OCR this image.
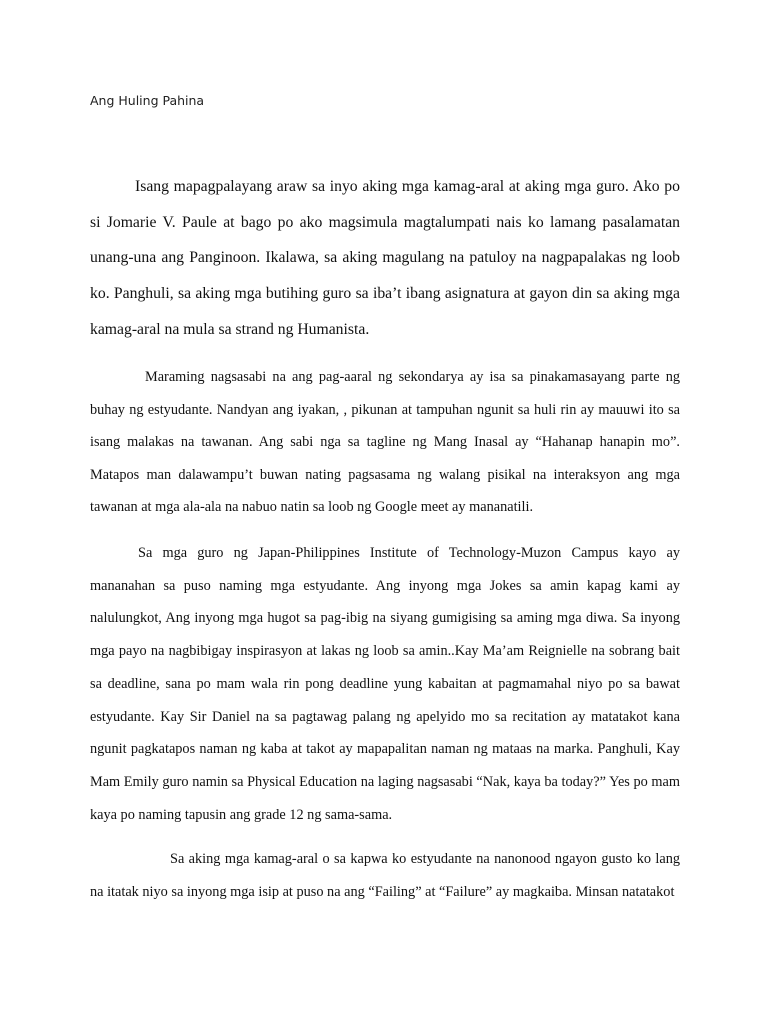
Ang Huling Pahina

Isang mapagpalayang araw sa inyo aking mga kamag-aral at aking mga guro. Ako po si Jomarie V. Paule at bago po ako magsimula magtalumpati nais ko lamang pasalamatan unang-una ang Panginoon. Ikalawa, sa aking magulang na patuloy na nagpapalakas ng loob ko. Panghuli, sa aking mga butihing guro sa iba’t ibang asignatura at gayon din sa aking mga kamag-aral na mula sa strand ng Humanista.

Maraming nagsasabi na ang pag-aaral ng sekondarya ay isa sa pinakamasayang parte ng buhay ng estyudante. Nandyan ang iyakan, , pikunan at tampuhan ngunit sa huli rin ay mauuwi ito sa isang malakas na tawanan. Ang sabi nga sa tagline ng Mang Inasal ay “Hahanap hanapin mo”. Matapos man dalawampu’t buwan nating pagsasama ng walang pisikal na interaksyon ang mga tawanan at mga ala-ala na nabuo natin sa loob ng Google meet ay mananatili.

Sa mga guro ng Japan-Philippines Institute of Technology-Muzon Campus kayo ay mananahan sa puso naming mga estyudante. Ang inyong mga Jokes sa amin kapag kami ay nalulungkot, Ang inyong mga hugot sa pag-ibig na siyang gumigising sa aming mga diwa. Sa inyong mga payo na nagbibigay inspirasyon at lakas ng loob sa amin..Kay Ma’am Reignielle na sobrang bait sa deadline, sana po mam wala rin pong deadline yung kabaitan at pagmamahal niyo po sa bawat estyudante. Kay Sir Daniel na sa pagtawag palang ng apelyido mo sa recitation ay matatakot kana ngunit pagkatapos naman ng kaba at takot ay mapapalitan naman ng mataas na marka. Panghuli, Kay Mam Emily guro namin sa Physical Education na laging nagsasabi “Nak, kaya ba today?” Yes po mam kaya po naming tapusin ang grade 12 ng sama-sama.

Sa aking mga kamag-aral o sa kapwa ko estyudante na nanonood ngayon gusto ko lang na itatak niyo sa inyong mga isip at puso na ang “Failing” at “Failure” ay magkaiba. Minsan natatakot
